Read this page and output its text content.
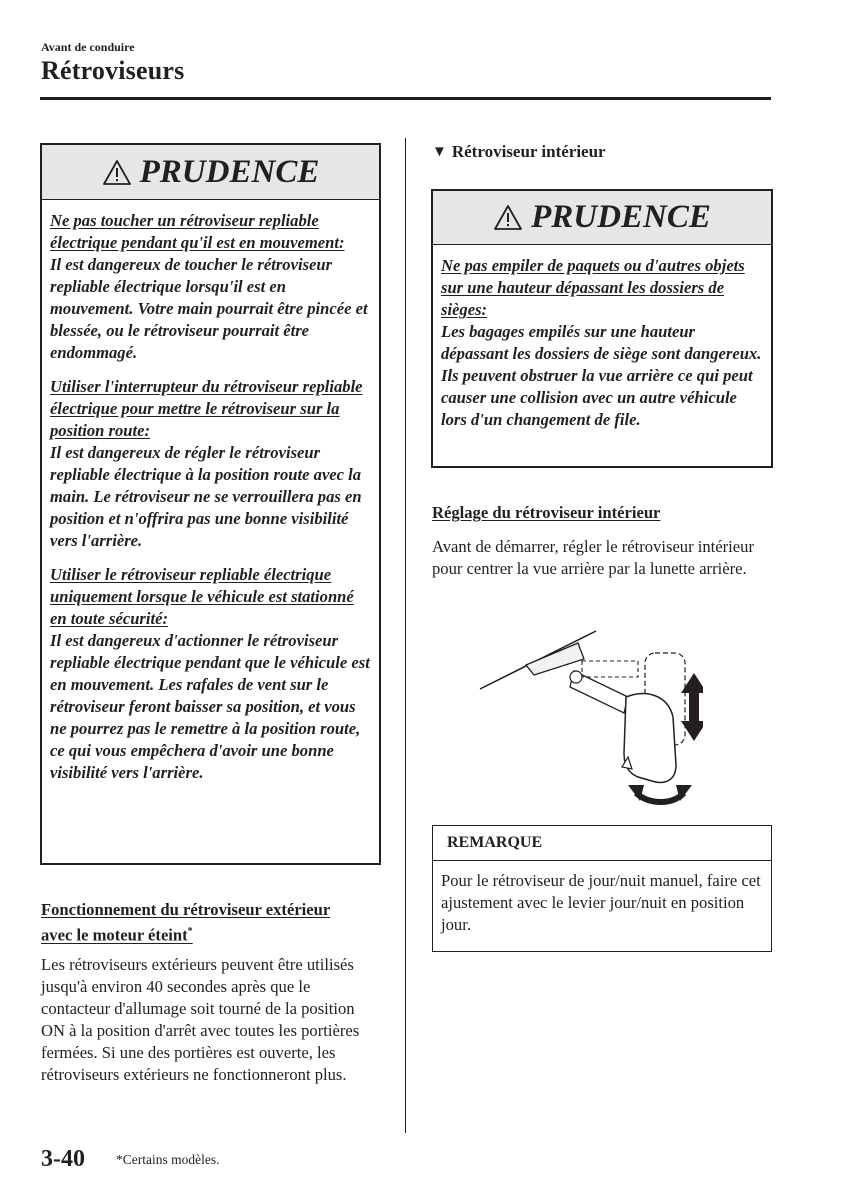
Avant de conduire
Rétroviseurs
PRUDENCE

Ne pas toucher un rétroviseur repliable électrique pendant qu'il est en mouvement:
Il est dangereux de toucher le rétroviseur repliable électrique lorsqu'il est en mouvement. Votre main pourrait être pincée et blessée, ou le rétroviseur pourrait être endommagé.

Utiliser l'interrupteur du rétroviseur repliable électrique pour mettre le rétroviseur sur la position route:
Il est dangereux de régler le rétroviseur repliable électrique à la position route avec la main. Le rétroviseur ne se verrouillera pas en position et n'offrira pas une bonne visibilité vers l'arrière.

Utiliser le rétroviseur repliable électrique uniquement lorsque le véhicule est stationné en toute sécurité:
Il est dangereux d'actionner le rétroviseur repliable électrique pendant que le véhicule est en mouvement. Les rafales de vent sur le rétroviseur feront baisser sa position, et vous ne pourrez pas le remettre à la position route, ce qui vous empêchera d'avoir une bonne visibilité vers l'arrière.

Fonctionnement du rétroviseur extérieur avec le moteur éteint*

Les rétroviseurs extérieurs peuvent être utilisés jusqu'à environ 40 secondes après que le contacteur d'allumage soit tourné de la position ON à la position d'arrêt avec toutes les portières fermées. Si une des portières est ouverte, les rétroviseurs extérieurs ne fonctionneront plus.

▼ Rétroviseur intérieur
PRUDENCE

Ne pas empiler de paquets ou d'autres objets sur une hauteur dépassant les dossiers de sièges:
Les bagages empilés sur une hauteur dépassant les dossiers de siège sont dangereux. Ils peuvent obstruer la vue arrière ce qui peut causer une collision avec un autre véhicule lors d'un changement de file.

Réglage du rétroviseur intérieur

Avant de démarrer, régler le rétroviseur intérieur pour centrer la vue arrière par la lunette arrière.

REMARQUE

Pour le rétroviseur de jour/nuit manuel, faire cet ajustement avec le levier jour/nuit en position jour.

3-40 *Certains modèles.
